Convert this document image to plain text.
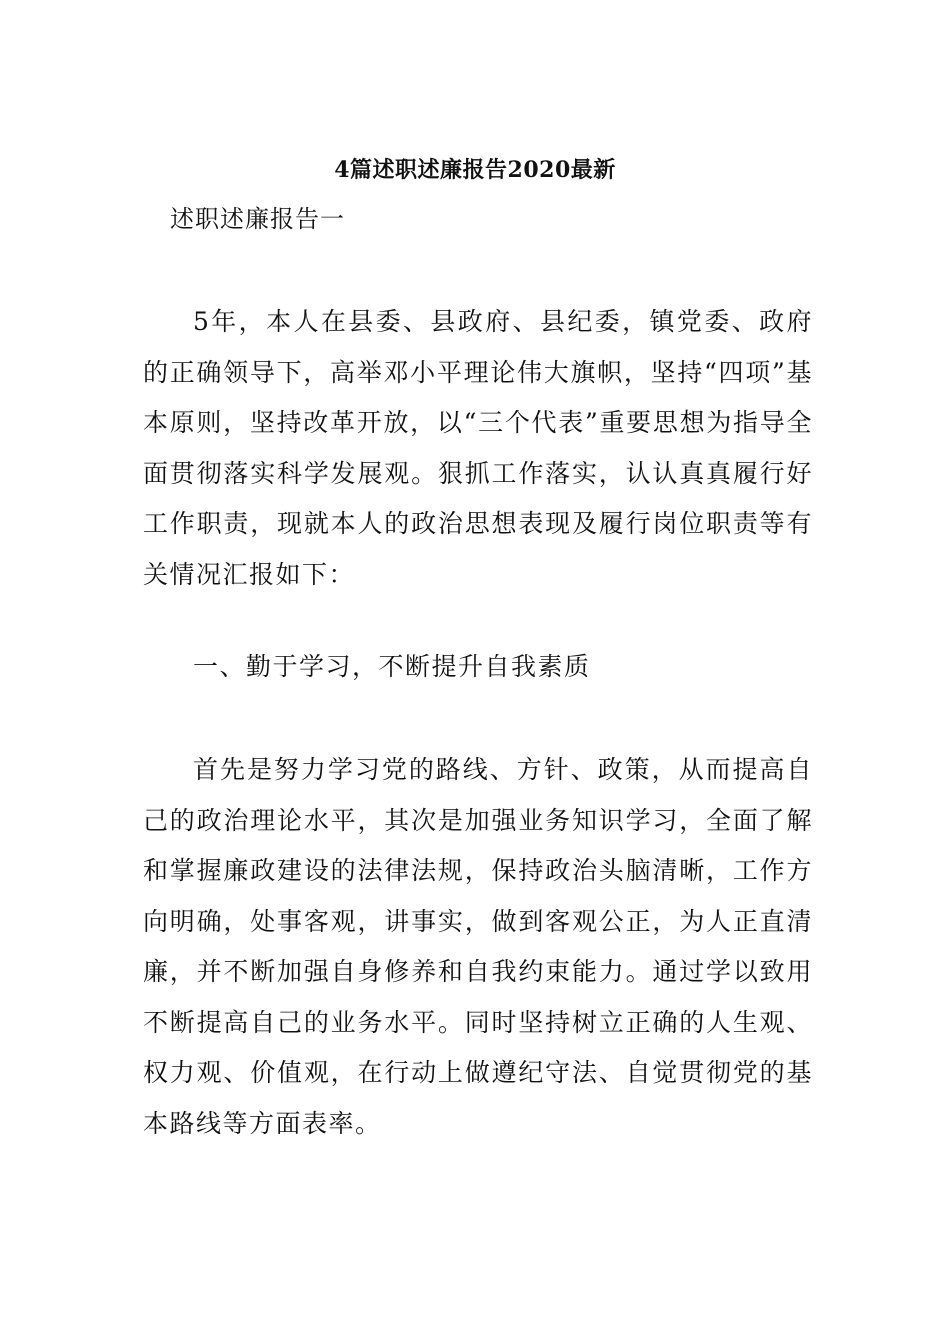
4篇述职述廉报告2020最新

述职述廉报告一

5年，本人在县委、县政府、县纪委，镇党委、政府的正确领导下，高举邓小平理论伟大旗帜，坚持“四项”基本原则，坚持改革开放，以“三个代表”重要思想为指导全面贯彻落实科学发展观。狠抓工作落实，认认真真履行好工作职责，现就本人的政治思想表现及履行岗位职责等有关情况汇报如下：

一、勤于学习，不断提升自我素质

首先是努力学习党的路线、方针、政策，从而提高自己的政治理论水平，其次是加强业务知识学习，全面了解和掌握廉政建设的法律法规，保持政治头脑清晰，工作方向明确，处事客观，讲事实，做到客观公正，为人正直清廉，并不断加强自身修养和自我约束能力。通过学以致用不断提高自己的业务水平。同时坚持树立正确的人生观、权力观、价值观，在行动上做遵纪守法、自觉贯彻党的基本路线等方面表率。
